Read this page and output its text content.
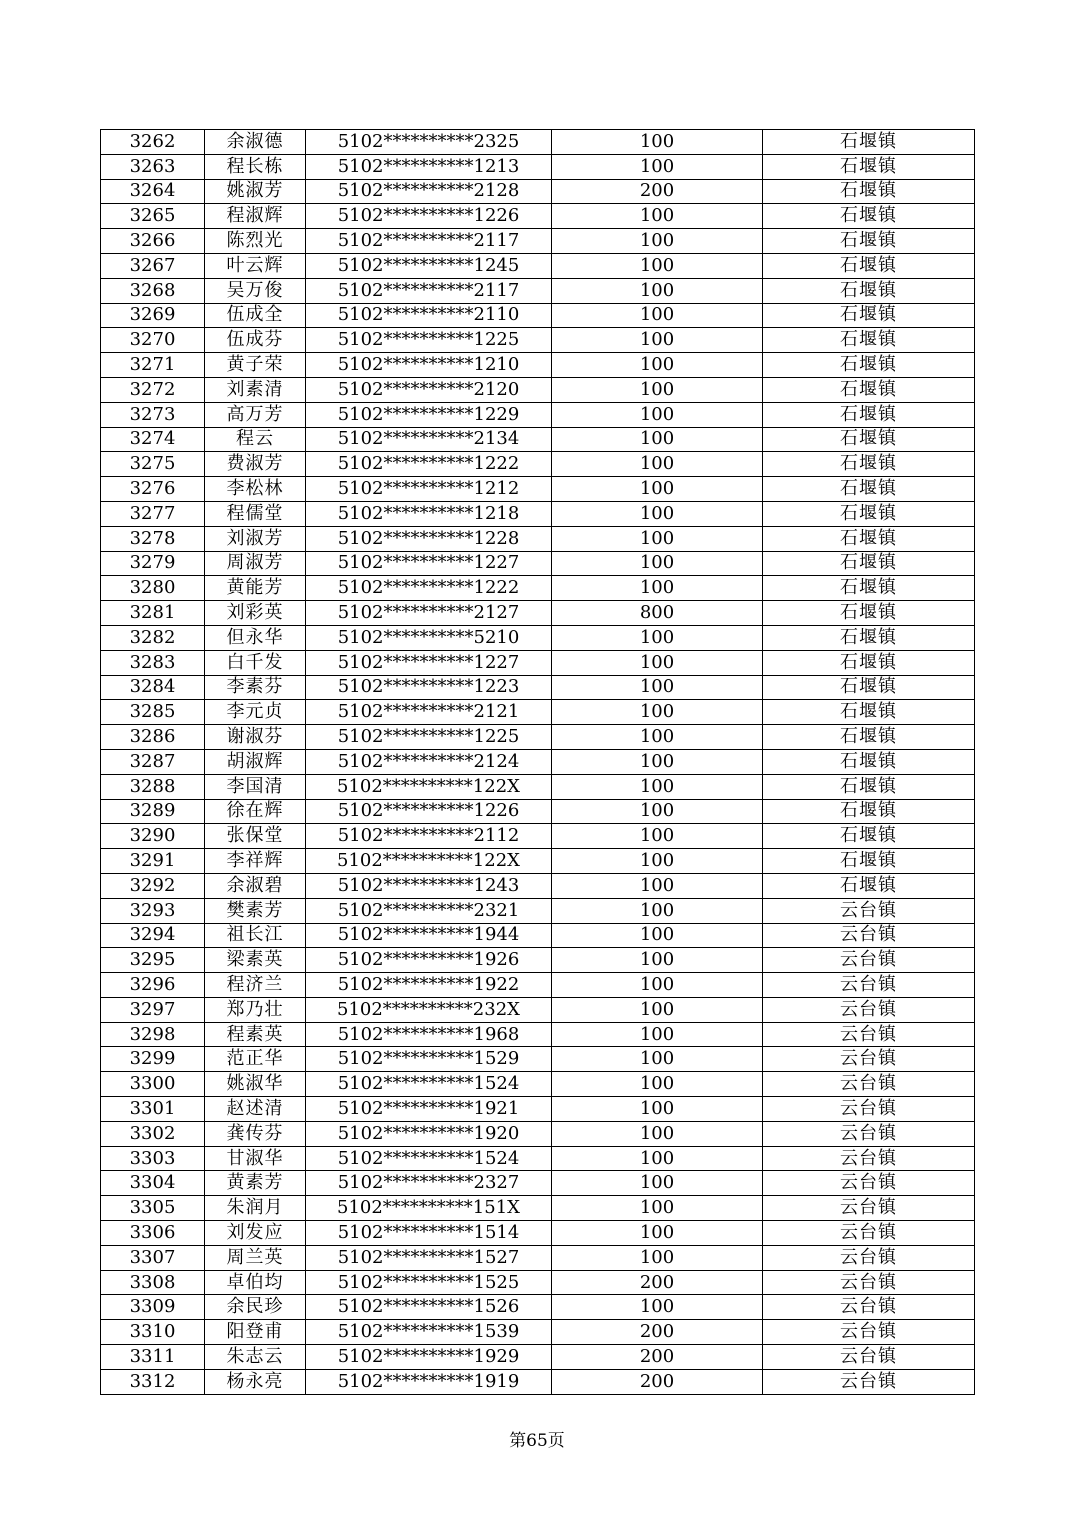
3262	余淑德	5102**********2325	100	石堰镇
3263	程长栋	5102**********1213	100	石堰镇
3264	姚淑芳	5102**********2128	200	石堰镇
3265	程淑辉	5102**********1226	100	石堰镇
3266	陈烈光	5102**********2117	100	石堰镇
3267	叶云辉	5102**********1245	100	石堰镇
3268	吴万俊	5102**********2117	100	石堰镇
3269	伍成全	5102**********2110	100	石堰镇
3270	伍成芬	5102**********1225	100	石堰镇
3271	黄子荣	5102**********1210	100	石堰镇
3272	刘素清	5102**********2120	100	石堰镇
3273	高万芳	5102**********1229	100	石堰镇
3274	程云	5102**********2134	100	石堰镇
3275	费淑芳	5102**********1222	100	石堰镇
3276	李松林	5102**********1212	100	石堰镇
3277	程儒堂	5102**********1218	100	石堰镇
3278	刘淑芳	5102**********1228	100	石堰镇
3279	周淑芳	5102**********1227	100	石堰镇
3280	黄能芳	5102**********1222	100	石堰镇
3281	刘彩英	5102**********2127	800	石堰镇
3282	但永华	5102**********5210	100	石堰镇
3283	白千发	5102**********1227	100	石堰镇
3284	李素芬	5102**********1223	100	石堰镇
3285	李元贞	5102**********2121	100	石堰镇
3286	谢淑芬	5102**********1225	100	石堰镇
3287	胡淑辉	5102**********2124	100	石堰镇
3288	李国清	5102**********122X	100	石堰镇
3289	徐在辉	5102**********1226	100	石堰镇
3290	张保堂	5102**********2112	100	石堰镇
3291	李祥辉	5102**********122X	100	石堰镇
3292	余淑碧	5102**********1243	100	石堰镇
3293	樊素芳	5102**********2321	100	云台镇
3294	祖长江	5102**********1944	100	云台镇
3295	梁素英	5102**********1926	100	云台镇
3296	程济兰	5102**********1922	100	云台镇
3297	郑乃壮	5102**********232X	100	云台镇
3298	程素英	5102**********1968	100	云台镇
3299	范正华	5102**********1529	100	云台镇
3300	姚淑华	5102**********1524	100	云台镇
3301	赵述清	5102**********1921	100	云台镇
3302	龚传芬	5102**********1920	100	云台镇
3303	甘淑华	5102**********1524	100	云台镇
3304	黄素芳	5102**********2327	100	云台镇
3305	朱润月	5102**********151X	100	云台镇
3306	刘发应	5102**********1514	100	云台镇
3307	周兰英	5102**********1527	100	云台镇
3308	卓伯均	5102**********1525	200	云台镇
3309	余民珍	5102**********1526	100	云台镇
3310	阳登甫	5102**********1539	200	云台镇
3311	朱志云	5102**********1929	200	云台镇
3312	杨永亮	5102**********1919	200	云台镇
第65页
